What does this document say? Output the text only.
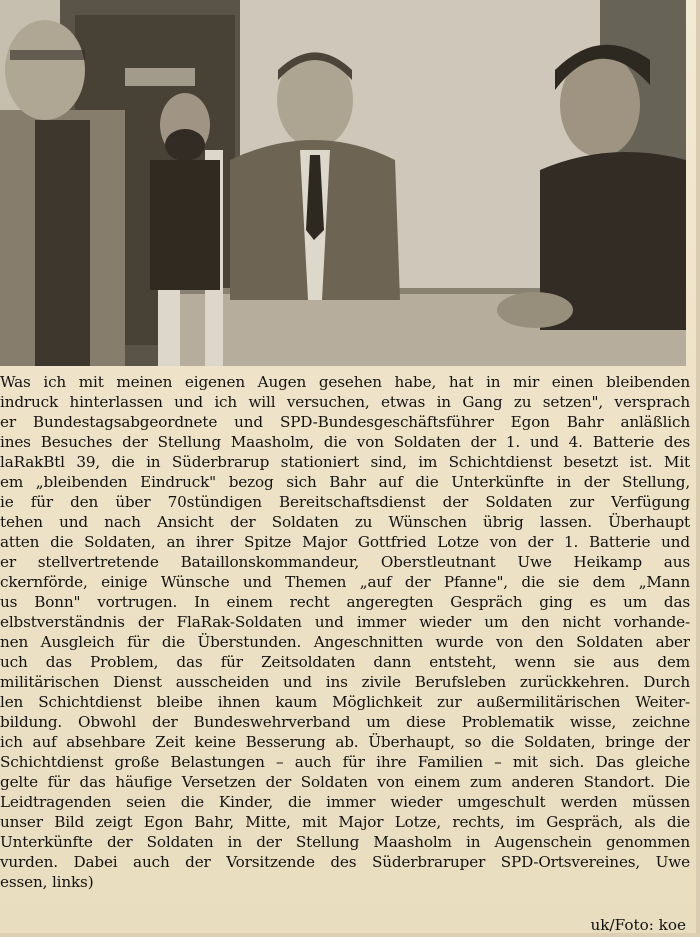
Was ich mit meinen eigenen Augen gesehen habe, hat in mir einen bleibenden
indruck hinterlassen und ich will versuchen, etwas in Gang zu setzen", versprach
er Bundestagsabgeordnete und SPD-Bundesgeschäftsführer Egon Bahr anläßlich
ines Besuches der Stellung Maasholm, die von Soldaten der 1. und 4. Batterie des
laRakBtl 39, die in Süderbrarup stationiert sind, im Schichtdienst besetzt ist. Mit
em „bleibenden Eindruck" bezog sich Bahr auf die Unterkünfte in der Stellung,
ie für den über 70stündigen Bereitschaftsdienst der Soldaten zur Verfügung
tehen und nach Ansicht der Soldaten zu Wünschen übrig lassen. Überhaupt
atten die Soldaten, an ihrer Spitze Major Gottfried Lotze von der 1. Batterie und
er stellvertretende Bataillonskommandeur, Oberstleutnant Uwe Heikamp aus
ckernförde, einige Wünsche und Themen „auf der Pfanne", die sie dem „Mann
us Bonn" vortrugen. In einem recht angeregten Gespräch ging es um das
elbstverständnis der FlaRak-Soldaten und immer wieder um den nicht vorhande-
nen Ausgleich für die Überstunden. Angeschnitten wurde von den Soldaten aber
uch das Problem, das für Zeitsoldaten dann entsteht, wenn sie aus dem
militärischen Dienst ausscheiden und ins zivile Berufsleben zurückkehren. Durch
len Schichtdienst bleibe ihnen kaum Möglichkeit zur außermilitärischen Weiter-
bildung. Obwohl der Bundeswehrverband um diese Problematik wisse, zeichne
ich auf absehbare Zeit keine Besserung ab. Überhaupt, so die Soldaten, bringe der
Schichtdienst große Belastungen – auch für ihre Familien – mit sich. Das gleiche
gelte für das häufige Versetzen der Soldaten von einem zum anderen Standort. Die
Leidtragenden seien die Kinder, die immer wieder umgeschult werden müssen
unser Bild zeigt Egon Bahr, Mitte, mit Major Lotze, rechts, im Gespräch, als die
Unterkünfte der Soldaten in der Stellung Maasholm in Augenschein genommen
vurden. Dabei auch der Vorsitzende des Süderbraruper SPD-Ortsvereines, Uwe
essen, links)
uk/Foto: koe
